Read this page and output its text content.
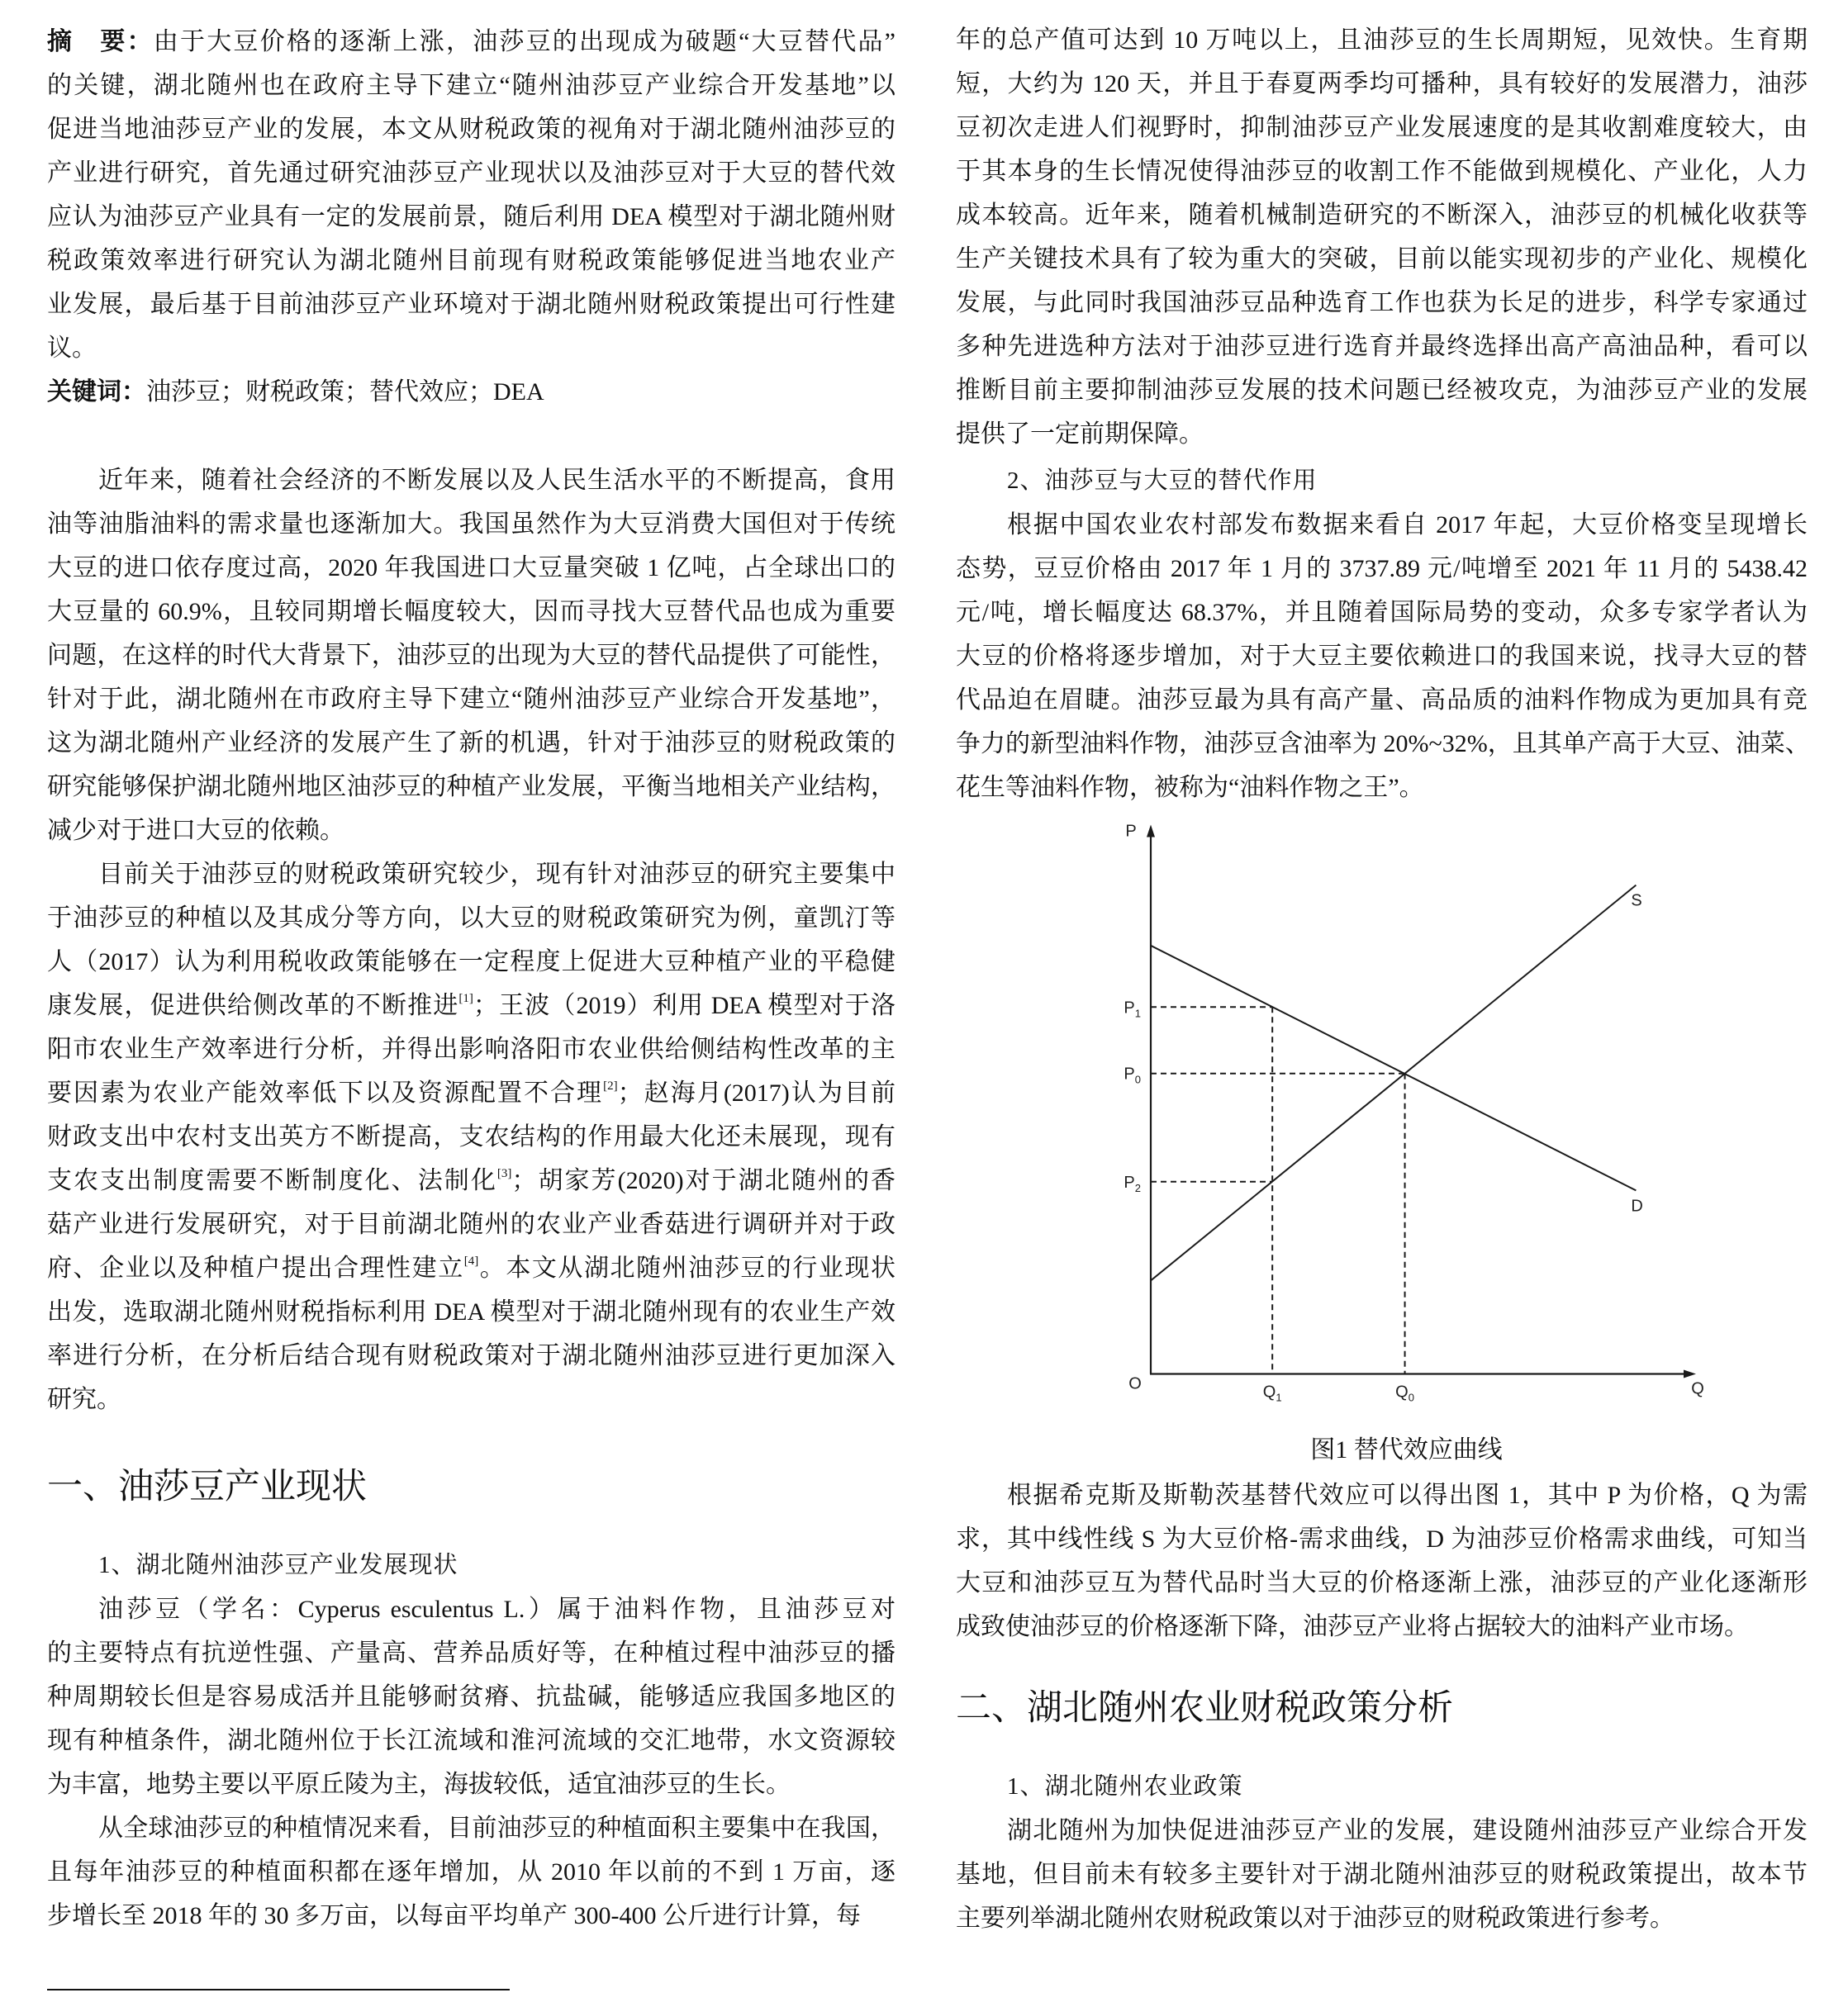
摘　要：由于大豆价格的逐渐上涨，油莎豆的出现成为破题“大豆替代品”
的关键，湖北随州也在政府主导下建立“随州油莎豆产业综合开发基地”以
促进当地油莎豆产业的发展，本文从财税政策的视角对于湖北随州油莎豆的
产业进行研究，首先通过研究油莎豆产业现状以及油莎豆对于大豆的替代效
应认为油莎豆产业具有一定的发展前景，随后利用 DEA 模型对于湖北随州财
税政策效率进行研究认为湖北随州目前现有财税政策能够促进当地农业产
业发展，最后基于目前油莎豆产业环境对于湖北随州财税政策提出可行性建
议。
关键词：油莎豆；财税政策；替代效应；DEA
近年来，随着社会经济的不断发展以及人民生活水平的不断提高，食用
油等油脂油料的需求量也逐渐加大。我国虽然作为大豆消费大国但对于传统
大豆的进口依存度过高，2020 年我国进口大豆量突破 1 亿吨，占全球出口的
大豆量的 60.9%，且较同期增长幅度较大，因而寻找大豆替代品也成为重要
问题，在这样的时代大背景下，油莎豆的出现为大豆的替代品提供了可能性，
针对于此，湖北随州在市政府主导下建立“随州油莎豆产业综合开发基地”，
这为湖北随州产业经济的发展产生了新的机遇，针对于油莎豆的财税政策的
研究能够保护湖北随州地区油莎豆的种植产业发展，平衡当地相关产业结构，
减少对于进口大豆的依赖。
目前关于油莎豆的财税政策研究较少，现有针对油莎豆的研究主要集中
于油莎豆的种植以及其成分等方向，以大豆的财税政策研究为例，童凯汀等
人（2017）认为利用税收政策能够在一定程度上促进大豆种植产业的平稳健
康发展，促进供给侧改革的不断推进[1]；王波（2019）利用 DEA 模型对于洛
阳市农业生产效率进行分析，并得出影响洛阳市农业供给侧结构性改革的主
要因素为农业产能效率低下以及资源配置不合理[2]；赵海月(2017)认为目前
财政支出中农村支出英方不断提高，支农结构的作用最大化还未展现，现有
支农支出制度需要不断制度化、法制化[3]；胡家芳(2020)对于湖北随州的香
菇产业进行发展研究，对于目前湖北随州的农业产业香菇进行调研并对于政
府、企业以及种植户提出合理性建立[4]。本文从湖北随州油莎豆的行业现状
出发，选取湖北随州财税指标利用 DEA 模型对于湖北随州现有的农业生产效
率进行分析，在分析后结合现有财税政策对于湖北随州油莎豆进行更加深入
研究。
一、油莎豆产业现状
1、湖北随州油莎豆产业发展现状
油莎豆（学名：Cyperus esculentus L.）属于油料作物，且油莎豆对
的主要特点有抗逆性强、产量高、营养品质好等，在种植过程中油莎豆的播
种周期较长但是容易成活并且能够耐贫瘠、抗盐碱，能够适应我国多地区的
现有种植条件，湖北随州位于长江流域和淮河流域的交汇地带，水文资源较
为丰富，地势主要以平原丘陵为主，海拔较低，适宜油莎豆的生长。
从全球油莎豆的种植情况来看，目前油莎豆的种植面积主要集中在我国，
且每年油莎豆的种植面积都在逐年增加，从 2010 年以前的不到 1 万亩，逐
步增长至 2018 年的 30 多万亩，以每亩平均单产 300-400 公斤进行计算，每
年的总产值可达到 10 万吨以上，且油莎豆的生长周期短，见效快。生育期
短，大约为 120 天，并且于春夏两季均可播种，具有较好的发展潜力，油莎
豆初次走进人们视野时，抑制油莎豆产业发展速度的是其收割难度较大，由
于其本身的生长情况使得油莎豆的收割工作不能做到规模化、产业化，人力
成本较高。近年来，随着机械制造研究的不断深入，油莎豆的机械化收获等
生产关键技术具有了较为重大的突破，目前以能实现初步的产业化、规模化
发展，与此同时我国油莎豆品种选育工作也获为长足的进步，科学专家通过
多种先进选种方法对于油莎豆进行选育并最终选择出高产高油品种，看可以
推断目前主要抑制油莎豆发展的技术问题已经被攻克，为油莎豆产业的发展
提供了一定前期保障。
2、油莎豆与大豆的替代作用
根据中国农业农村部发布数据来看自 2017 年起，大豆价格变呈现增长
态势，豆豆价格由 2017 年 1 月的 3737.89 元/吨增至 2021 年 11 月的 5438.42
元/吨，增长幅度达 68.37%，并且随着国际局势的变动，众多专家学者认为
大豆的价格将逐步增加，对于大豆主要依赖进口的我国来说，找寻大豆的替
代品迫在眉睫。油莎豆最为具有高产量、高品质的油料作物成为更加具有竞
争力的新型油料作物，油莎豆含油率为 20%~32%，且其单产高于大豆、油菜、
花生等油料作物，被称为“油料作物之王”。
S
D
$P_1$
$P_0$
$P_2$
$Q_1$	$Q_0$
P
Q
O
图1 替代效应曲线
根据希克斯及斯勒茨基替代效应可以得出图 1，其中 P 为价格，Q 为需
求，其中线性线 S 为大豆价格-需求曲线，D 为油莎豆价格需求曲线，可知当
大豆和油莎豆互为替代品时当大豆的价格逐渐上涨，油莎豆的产业化逐渐形
成致使油莎豆的价格逐渐下降，油莎豆产业将占据较大的油料产业市场。
二、湖北随州农业财税政策分析
1、湖北随州农业政策
湖北随州为加快促进油莎豆产业的发展，建设随州油莎豆产业综合开发
基地，但目前未有较多主要针对于湖北随州油莎豆的财税政策提出，故本节
主要列举湖北随州农财税政策以对于油莎豆的财税政策进行参考。
